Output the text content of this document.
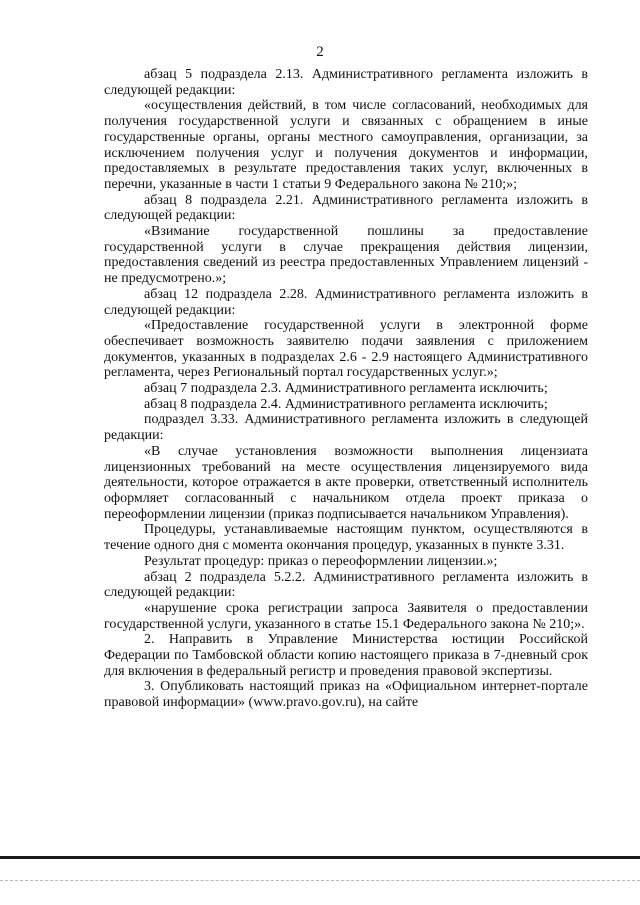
2

абзац 5 подраздела 2.13. Административного регламента изложить в следующей редакции:

«осуществления действий, в том числе согласований, необходимых для получения государственной услуги и связанных с обращением в иные государственные органы, органы местного самоуправления, организации, за исключением получения услуг и получения документов и информации, предоставляемых в результате предоставления таких услуг, включенных в перечни, указанные в части 1 статьи 9 Федерального закона № 210;»;

абзац 8 подраздела 2.21. Административного регламента изложить в следующей редакции:

«Взимание государственной пошлины за предоставление государственной услуги в случае прекращения действия лицензии, предоставления сведений из реестра предоставленных Управлением лицензий - не предусмотрено.»;

абзац 12 подраздела 2.28. Административного регламента изложить в следующей редакции:

«Предоставление государственной услуги в электронной форме обеспечивает возможность заявителю подачи заявления с приложением документов, указанных в подразделах 2.6 - 2.9 настоящего Административного регламента, через Региональный портал государственных услуг.»;

абзац 7 подраздела 2.3. Административного регламента исключить;

абзац 8 подраздела 2.4. Административного регламента исключить;

подраздел 3.33. Административного регламента изложить в следующей редакции:

«В случае установления возможности выполнения лицензиата лицензионных требований на месте осуществления лицензируемого вида деятельности, которое отражается в акте проверки, ответственный исполнитель оформляет согласованный с начальником отдела проект приказа о переоформлении лицензии (приказ подписывается начальником Управления).

Процедуры, устанавливаемые настоящим пунктом, осуществляются в течение одного дня с момента окончания процедур, указанных в пункте 3.31.

Результат процедур: приказ о переоформлении лицензии.»;

абзац 2 подраздела 5.2.2. Административного регламента изложить в следующей редакции:

«нарушение срока регистрации запроса Заявителя о предоставлении государственной услуги, указанного в статье 15.1 Федерального закона № 210;».

2. Направить в Управление Министерства юстиции Российской Федерации по Тамбовской области копию настоящего приказа в 7-дневный срок для включения в федеральный регистр и проведения правовой экспертизы.

3. Опубликовать настоящий приказ на «Официальном интернет-портале правовой информации» (www.pravo.gov.ru), на сайте
